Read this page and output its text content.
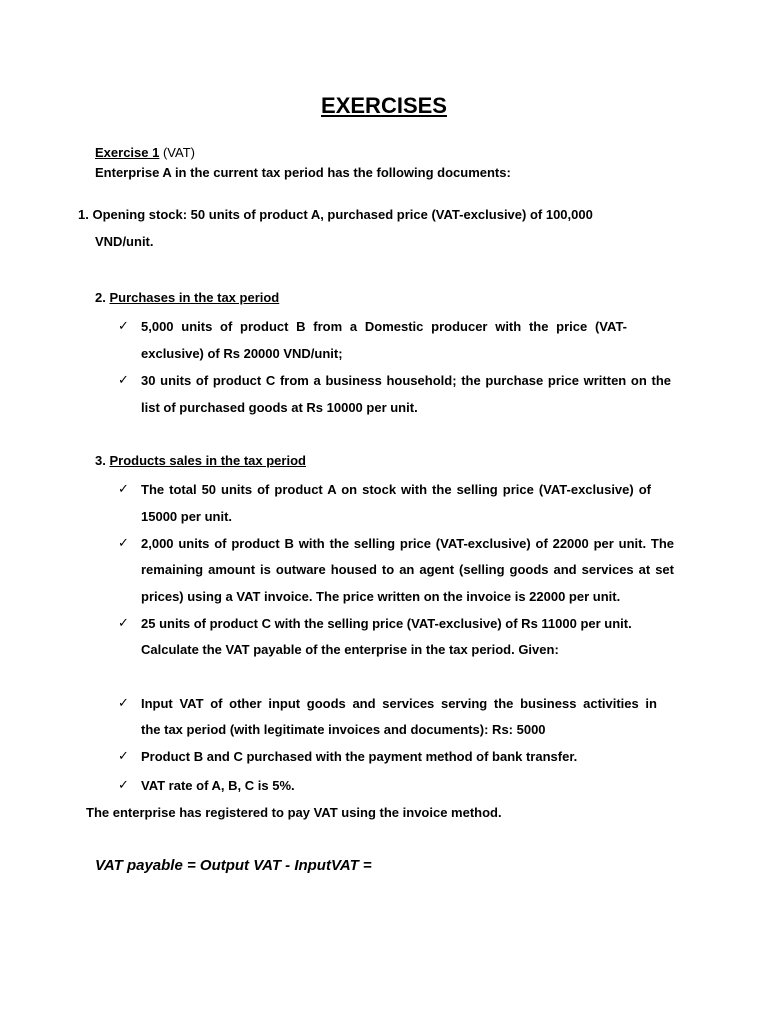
EXERCISES

Exercise 1 (VAT)

Enterprise A in the current tax period has the following documents:

1. Opening stock: 50 units of product A, purchased price (VAT-exclusive) of 100,000

VND/unit.

2. Purchases in the tax period

✓ 5,000 units of product B from a Domestic producer with the price (VAT-

exclusive) of Rs 20000 VND/unit;

✓ 30 units of product C from a business household; the purchase price written on the

list of purchased goods at Rs 10000 per unit.

3. Products sales in the tax period

✓ The total 50 units of product A on stock with the selling price (VAT-exclusive) of

15000 per unit.

✓ 2,000 units of product B with the selling price (VAT-exclusive) of 22000 per unit. The

remaining amount is outware housed to an agent (selling goods and services at set

prices) using a VAT invoice. The price written on the invoice is 22000 per unit.

✓ 25 units of product C with the selling price (VAT-exclusive) of Rs 11000 per unit.

Calculate the VAT payable of the enterprise in the tax period. Given:

✓ Input VAT of other input goods and services serving the business activities in

the tax period (with legitimate invoices and documents): Rs: 5000

✓ Product B and C purchased with the payment method of bank transfer.

✓ VAT rate of A, B, C is 5%.

The enterprise has registered to pay VAT using the invoice method.

VAT payable = Output VAT - InputVAT =
